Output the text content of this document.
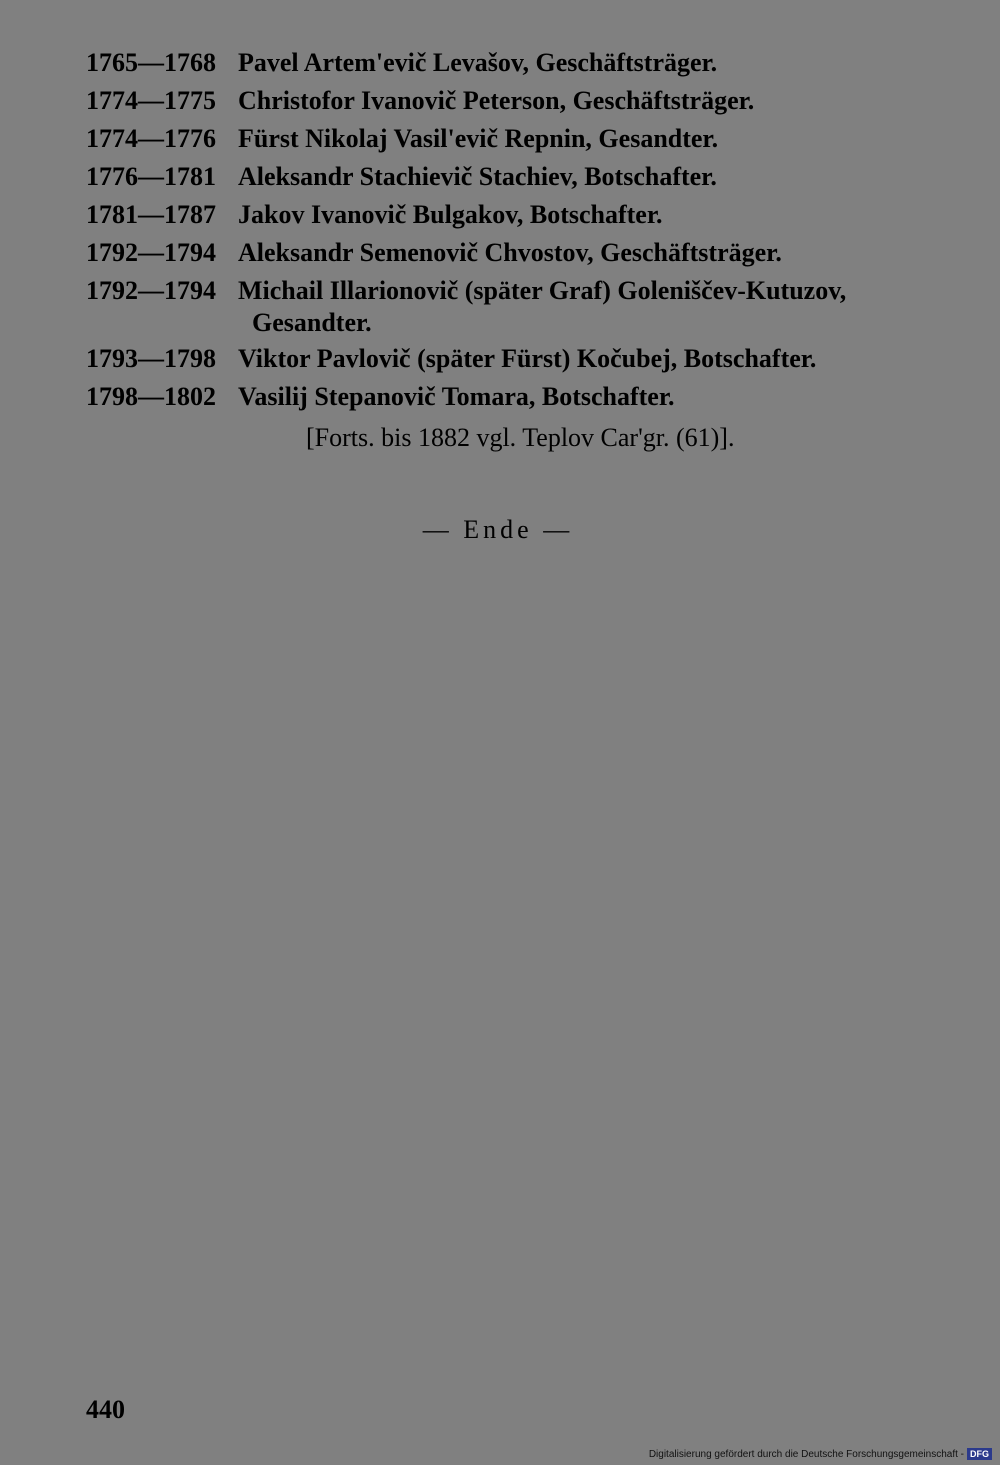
1765—1768 Pavel Artem'evič Levašov, Geschäftsträger.
1774—1775 Christofor Ivanovič Peterson, Geschäftsträger.
1774—1776 Fürst Nikolaj Vasil'evič Repnin, Gesandter.
1776—1781 Aleksandr Stachievič Stachiev, Botschafter.
1781—1787 Jakov Ivanovič Bulgakov, Botschafter.
1792—1794 Aleksandr Semenovič Chvostov, Geschäftsträger.
1792—1794 Michail Illarionovič (später Graf) Goleniščev-Kutuzov,
Gesandter.
1793—1798 Viktor Pavlovič (später Fürst) Kočubej, Botschafter.
1798—1802 Vasilij Stepanovič Tomara, Botschafter.
[Forts. bis 1882 vgl. Teplov Car'gr. (61)].
— Ende —
440
Digitalisierung gefördert durch die Deutsche Forschungsgemeinschaft - DFG
